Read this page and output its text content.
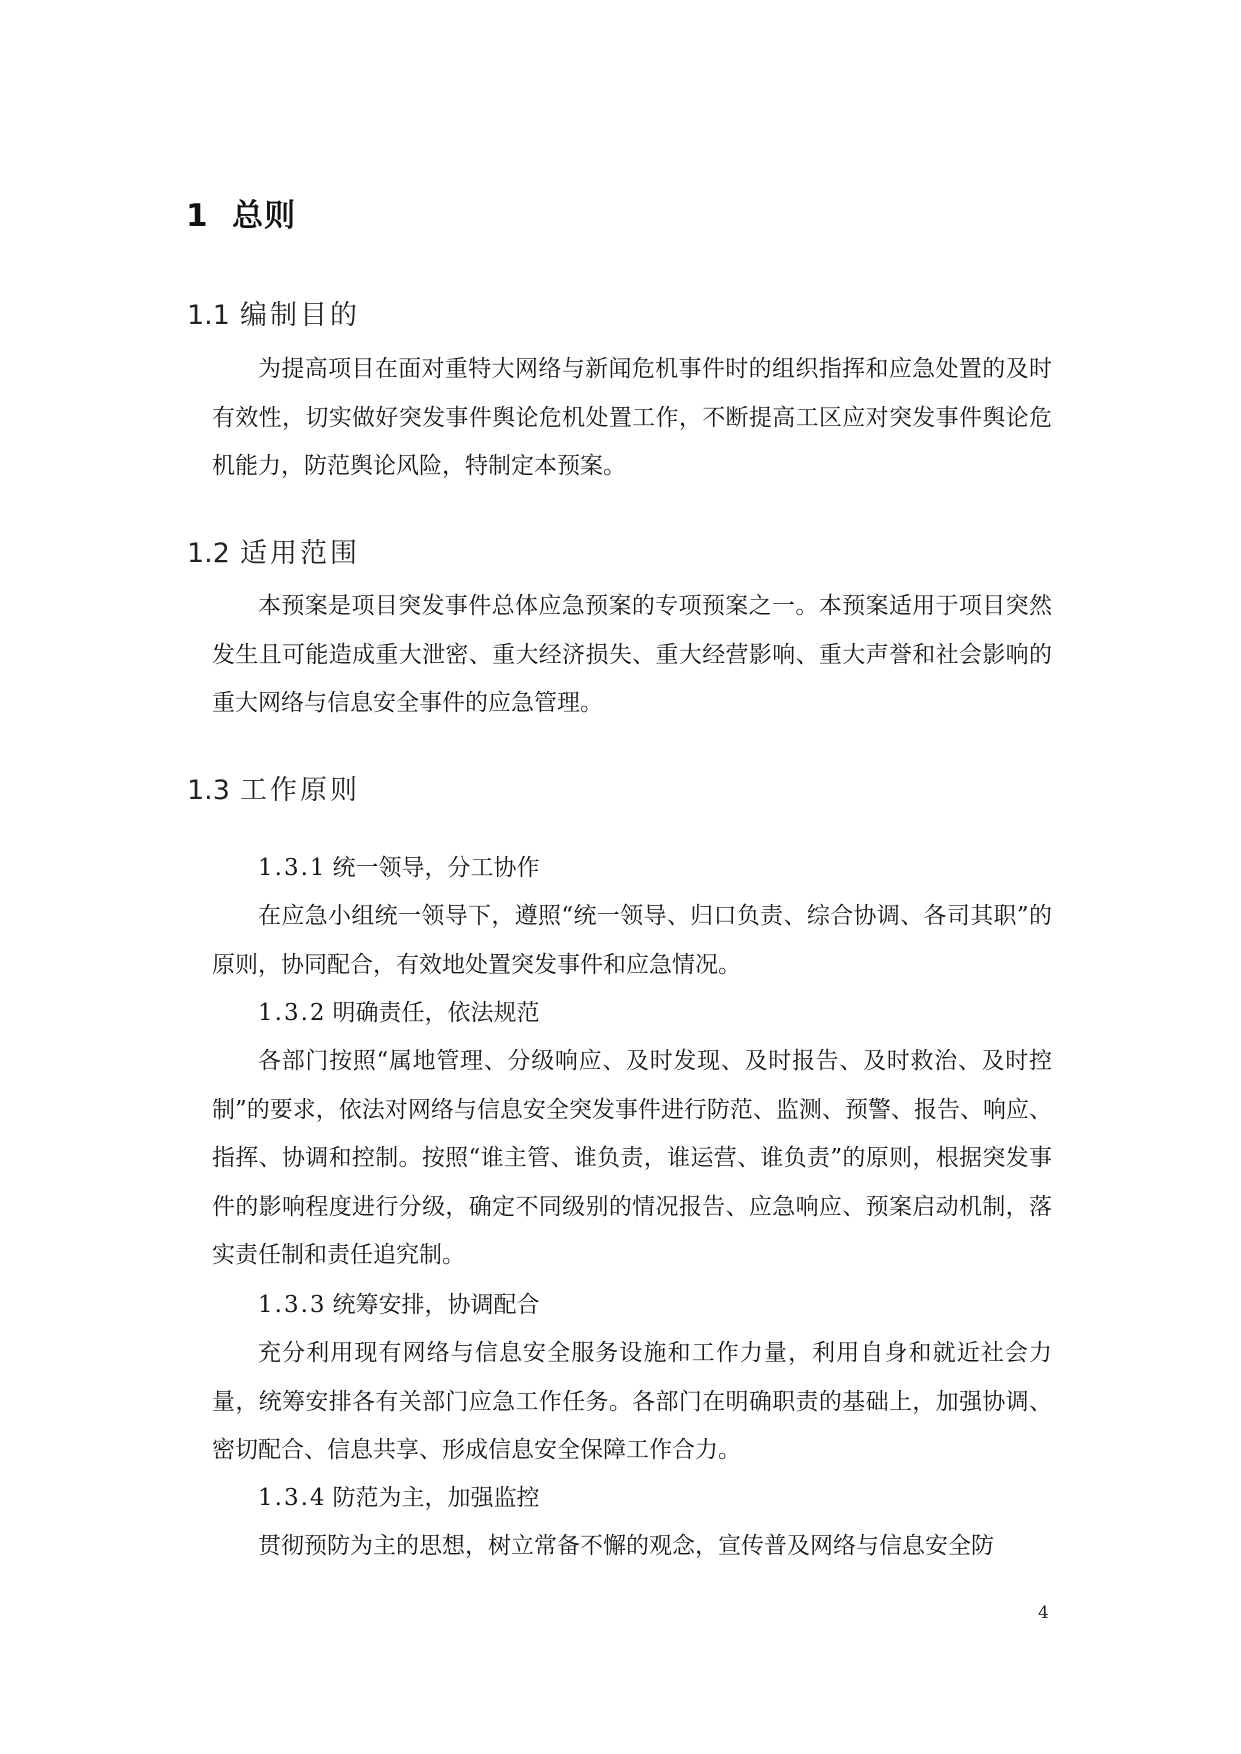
1 总则
1.1 编制目的

为提高项目在面对重特大网络与新闻危机事件时的组织指挥和应急处置的及时有效性，切实做好突发事件舆论危机处置工作，不断提高工区应对突发事件舆论危机能力，防范舆论风险，特制定本预案。

1.2 适用范围

本预案是项目突发事件总体应急预案的专项预案之一。本预案适用于项目突然发生且可能造成重大泄密、重大经济损失、重大经营影响、重大声誉和社会影响的重大网络与信息安全事件的应急管理。

1.3 工作原则
1.3.1 统一领导，分工协作

在应急小组统一领导下，遵照“统一领导、归口负责、综合协调、各司其职”的原则，协同配合，有效地处置突发事件和应急情况。

1.3.2 明确责任，依法规范

各部门按照“属地管理、分级响应、及时发现、及时报告、及时救治、及时控制”的要求，依法对网络与信息安全突发事件进行防范、监测、预警、报告、响应、指挥、协调和控制。按照“谁主管、谁负责，谁运营、谁负责”的原则，根据突发事件的影响程度进行分级，确定不同级别的情况报告、应急响应、预案启动机制，落实责任制和责任追究制。

1.3.3 统筹安排，协调配合

充分利用现有网络与信息安全服务设施和工作力量，利用自身和就近社会力量，统筹安排各有关部门应急工作任务。各部门在明确职责的基础上，加强协调、密切配合、信息共享、形成信息安全保障工作合力。

1.3.4 防范为主，加强监控

贯彻预防为主的思想，树立常备不懈的观念，宣传普及网络与信息安全防

4
